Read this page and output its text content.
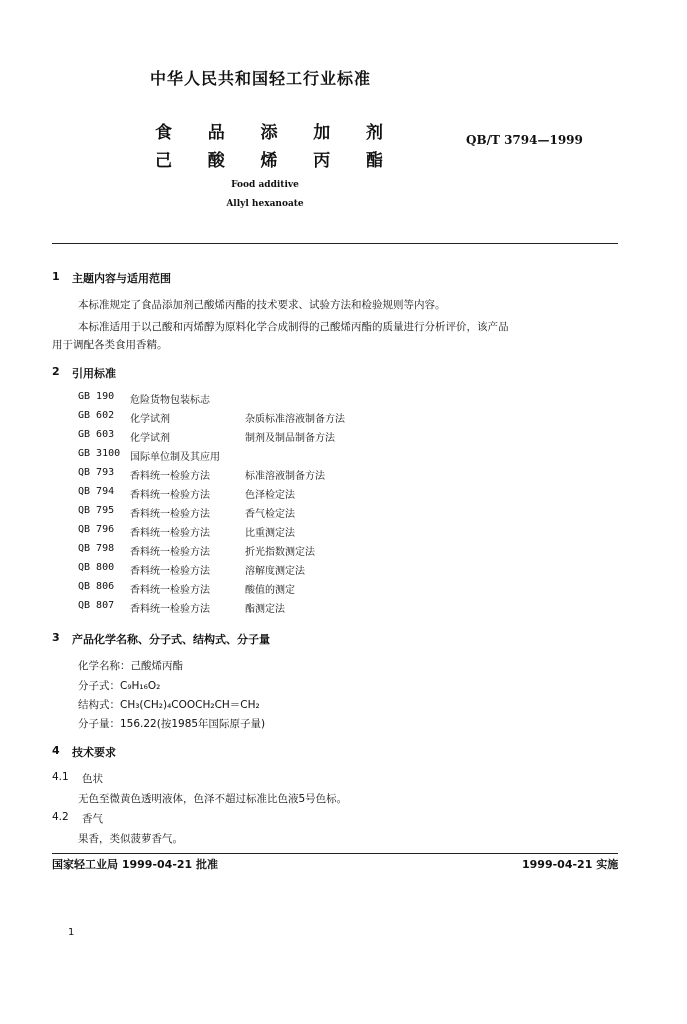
中华人民共和国轻工行业标准
食 品 添 加 剂
己 酸 烯 丙 酯
QB/T 3794—1999
Food additive
Allyl hexanoate
1 主题内容与适用范围
本标准规定了食品添加剂己酸烯丙酯的技术要求、试验方法和检验规则等内容。
本标准适用于以己酸和丙烯醇为原料化学合成制得的己酸烯丙酯的质量进行分析评价，该产品
用于调配各类食用香精。
2 引用标准
GB 190	危险货物包装标志
GB 602	化学试剂	杂质标准溶液制备方法
GB 603	化学试剂	制剂及制品制备方法
GB 3100 国际单位制及其应用
QB 793	香料统一检验方法	标准溶液制备方法
QB 794	香料统一检验方法	色泽检定法
QB 795	香料统一检验方法	香气检定法
QB 796	香料统一检验方法	比重测定法
QB 798	香料统一检验方法	折光指数测定法
QB 800	香料统一检验方法	溶解度测定法
QB 806	香料统一检验方法	酸值的测定
QB 807	香料统一检验方法	酯测定法
3 产品化学名称、分子式、结构式、分子量
化学名称：己酸烯丙酯
分子式：C₉H₁₆O₂
结构式：CH₃(CH₂)₄COOCH₂CH＝CH₂
分子量：156.22(按1985年国际原子量)
4 技术要求
4.1 色状
无色至微黄色透明液体，色泽不超过标准比色液5号色标。
4.2 香气
果香，类似菠萝香气。
国家轻工业局 1999-04-21 批准	1999-04-21 实施
1
